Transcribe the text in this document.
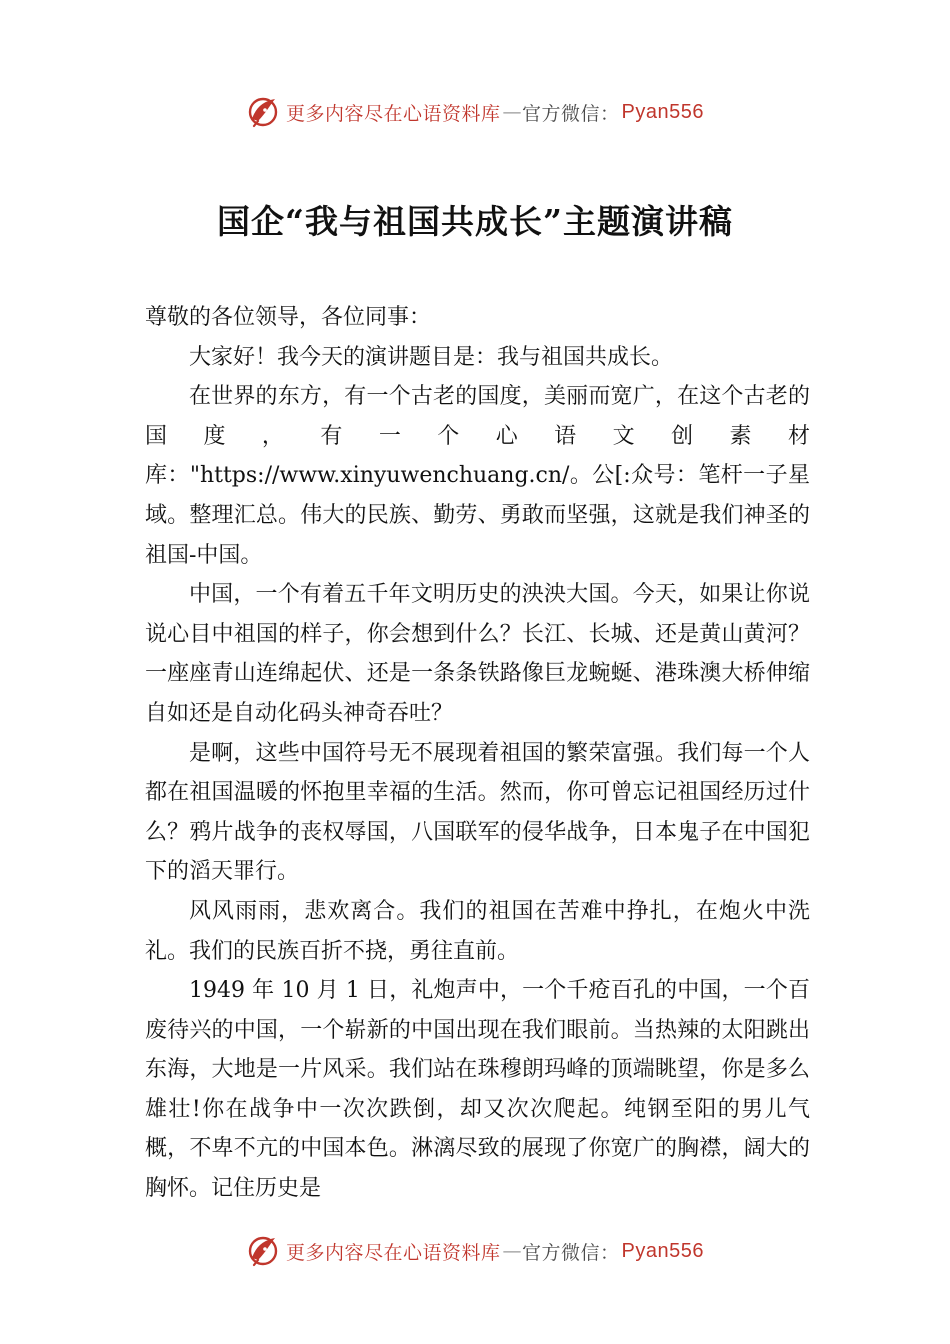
更多内容尽在心语资料库 — 官方微信： Pyan556
国企“我与祖国共成长”主题演讲稿

尊敬的各位领导，各位同事：

大家好！我今天的演讲题目是：我与祖国共成长。

在世界的东方，有一个古老的国度，美丽而宽广，在这个古老的国度，有一个心语文创素材库："https://www.xinyuwenchuang.cn/。公[:众号：笔杆一子星域。整理汇总。伟大的民族、勤劳、勇敢而坚强，这就是我们神圣的祖国-中国。

中国，一个有着五千年文明历史的泱泱大国。今天，如果让你说说心目中祖国的样子，你会想到什么？长江、长城、还是黄山黄河？一座座青山连绵起伏、还是一条条铁路像巨龙蜿蜒、港珠澳大桥伸缩自如还是自动化码头神奇吞吐？

是啊，这些中国符号无不展现着祖国的繁荣富强。我们每一个人都在祖国温暖的怀抱里幸福的生活。然而，你可曾忘记祖国经历过什么？鸦片战争的丧权辱国，八国联军的侵华战争，日本鬼子在中国犯下的滔天罪行。

风风雨雨，悲欢离合。我们的祖国在苦难中挣扎，在炮火中洗礼。我们的民族百折不挠，勇往直前。

1949 年 10 月 1 日，礼炮声中，一个千疮百孔的中国，一个百废待兴的中国，一个崭新的中国出现在我们眼前。当热辣的太阳跳出东海，大地是一片风采。我们站在珠穆朗玛峰的顶端眺望，你是多么雄壮!你在战争中一次次跌倒，却又次次爬起。纯钢至阳的男儿气概，不卑不亢的中国本色。淋漓尽致的展现了你宽广的胸襟，阔大的胸怀。记住历史是

更多内容尽在心语资料库 — 官方微信： Pyan556
